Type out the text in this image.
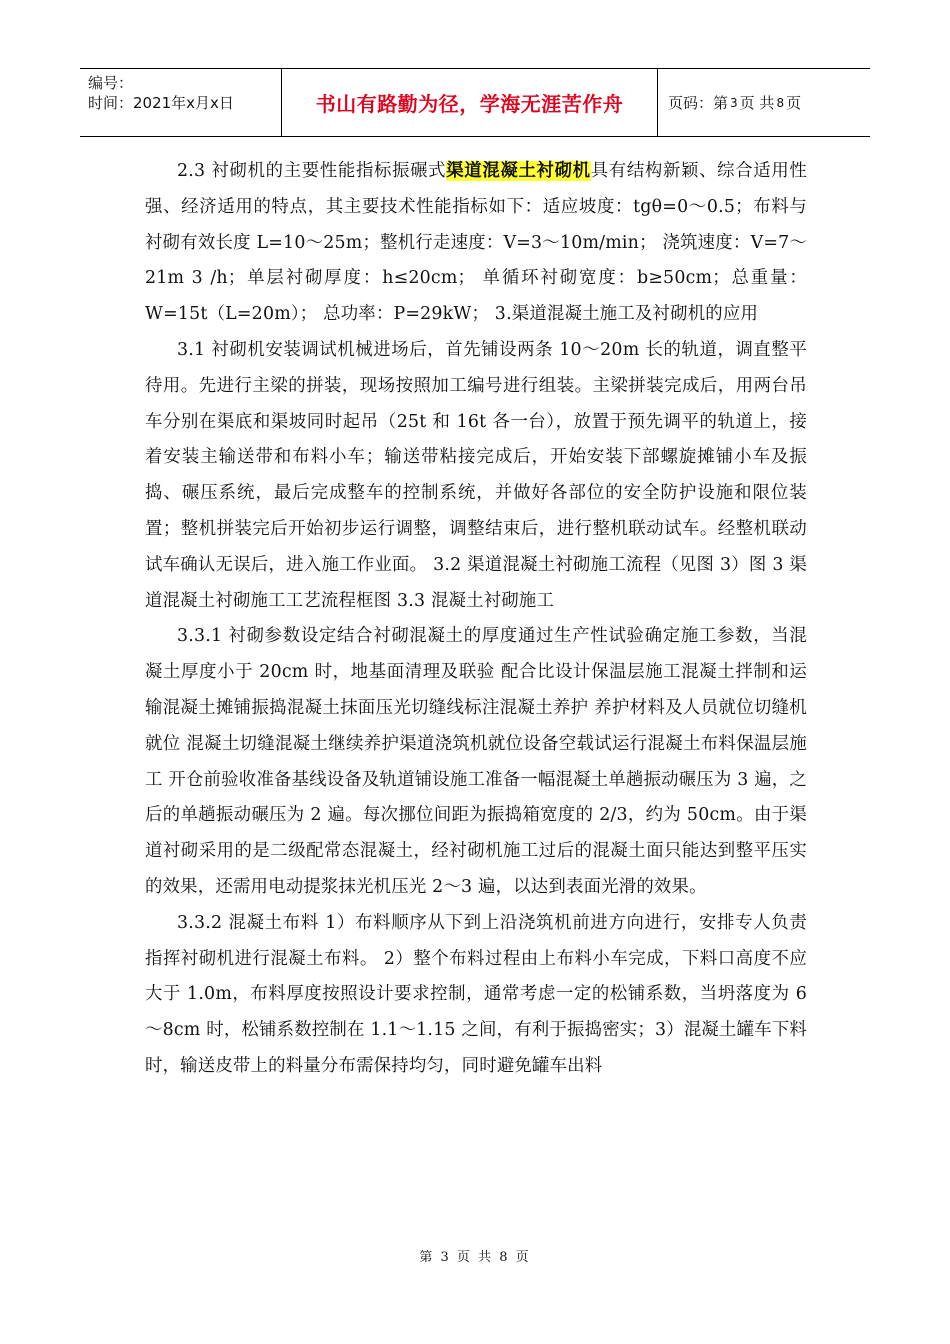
编号：
时间：2021年x月x日	书山有路勤为径，学海无涯苦作舟	页码：第 3 页 共 8 页

2.3 衬砌机的主要性能指标振碾式渠道混凝土衬砌机具有结构新颖、综合适用性强、经济适用的特点，其主要技术性能指标如下：适应坡度：tgθ=0～0.5；布料与衬砌有效长度 L=10～25m；整机行走速度：V=3～10m/min； 浇筑速度：V=7～21m 3 /h；单层衬砌厚度：h≤20cm； 单循环衬砌宽度：b≥50cm；总重量：W=15t（L=20m）； 总功率：P=29kW； 3.渠道混凝土施工及衬砌机的应用

3.1 衬砌机安装调试机械进场后，首先铺设两条 10～20m 长的轨道，调直整平待用。先进行主梁的拼装，现场按照加工编号进行组装。主梁拼装完成后，用两台吊车分别在渠底和渠坡同时起吊（25t 和 16t 各一台），放置于预先调平的轨道上，接着安装主输送带和布料小车；输送带粘接完成后，开始安装下部螺旋摊铺小车及振捣、碾压系统，最后完成整车的控制系统，并做好各部位的安全防护设施和限位装置；整机拼装完后开始初步运行调整，调整结束后，进行整机联动试车。经整机联动试车确认无误后，进入施工作业面。 3.2 渠道混凝土衬砌施工流程（见图 3）图 3 渠道混凝土衬砌施工工艺流程框图 3.3 混凝土衬砌施工

3.3.1 衬砌参数设定结合衬砌混凝土的厚度通过生产性试验确定施工参数，当混凝土厚度小于 20cm 时，地基面清理及联验 配合比设计保温层施工混凝土拌制和运输混凝土摊铺振捣混凝土抹面压光切缝线标注混凝土养护 养护材料及人员就位切缝机就位 混凝土切缝混凝土继续养护渠道浇筑机就位设备空载试运行混凝土布料保温层施工 开仓前验收准备基线设备及轨道铺设施工准备一幅混凝土单趟振动碾压为 3 遍，之后的单趟振动碾压为 2 遍。每次挪位间距为振捣箱宽度的 2/3，约为 50cm。由于渠道衬砌采用的是二级配常态混凝土，经衬砌机施工过后的混凝土面只能达到整平压实的效果，还需用电动提浆抹光机压光 2～3 遍，以达到表面光滑的效果。

3.3.2 混凝土布料 1）布料顺序从下到上沿浇筑机前进方向进行，安排专人负责指挥衬砌机进行混凝土布料。 2）整个布料过程由上布料小车完成，下料口高度不应大于 1.0m，布料厚度按照设计要求控制，通常考虑一定的松铺系数，当坍落度为 6～8cm 时，松铺系数控制在 1.1～1.15 之间，有利于振捣密实；3）混凝土罐车下料时，输送皮带上的料量分布需保持均匀，同时避免罐车出料

第 3 页 共 8 页
